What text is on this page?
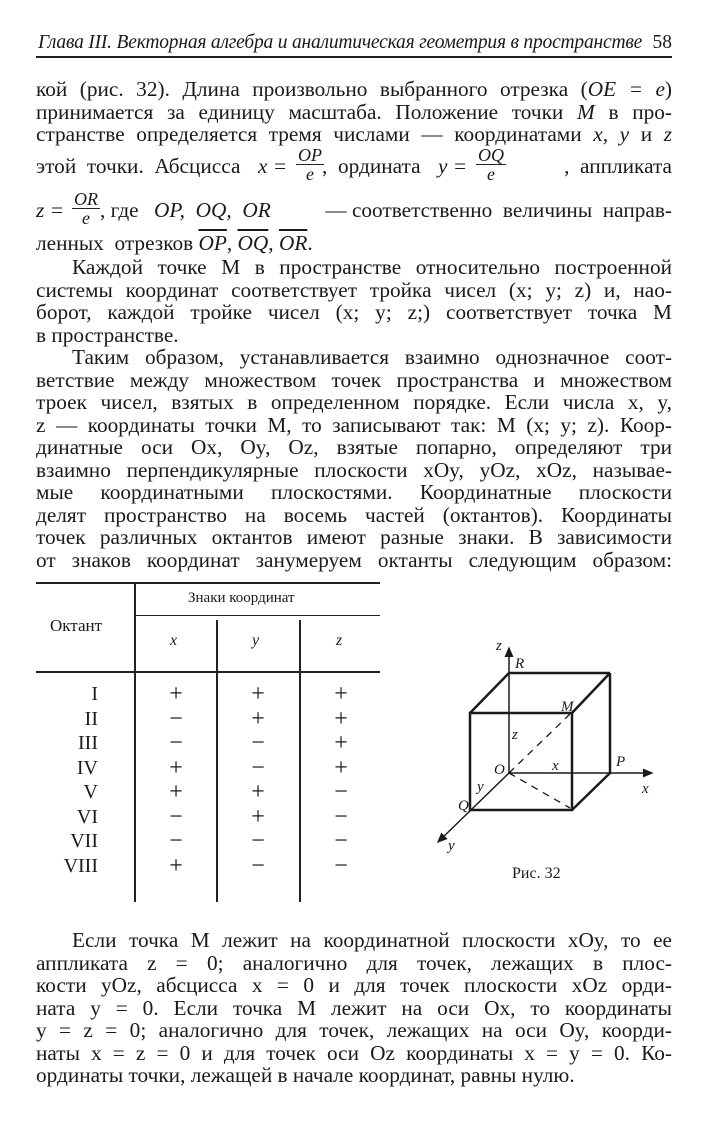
Глава III. Векторная алгебра и аналитическая геометрия в пространстве 58
кой (рис. 32). Длина произвольно выбранного отрезка (OE = e)
принимается за единицу масштаба. Положение точки M в про-
странстве определяется тремя числами — координатами x, y и z
этой  точки.  Абсцисса $x = \frac{OP}{e}$
,  ордината $y = \frac{OQ}{e}$	,  аппликата
$z = \frac{OR}{e}$ , где OP,  OQ,  OR — соответственно  величины  направ-
ленных  отрезков $\overline{OP}$, $\overline{OQ}$, $\overline{OR}$.
Каждой точке M в пространстве относительно построенной
системы координат соответствует тройка чисел (x; y; z) и, нао-
борот, каждой тройке чисел (x; y; z;) соответствует точка M
в пространстве.
Таким образом, устанавливается взаимно однозначное соот-
ветствие между множеством точек пространства и множеством
троек чисел, взятых в определенном порядке. Если числа x, y,
z — координаты точки M, то записывают так: M (x; y; z). Коор-
динатные оси Ox, Oy, Oz, взятые попарно, определяют три
взаимно перпендикулярные плоскости xOy, yOz, xOz, называе-
мые координатными плоскостями. Координатные плоскости
делят пространство на восемь частей (октантов). Координаты
точек различных октантов имеют разные знаки. В зависимости
от знаков координат занумеруем октанты следующим образом:
Октант
Знаки координат
x	y	z
I	+	+	+
II	−	+	+
III	−	−	+
IV	+	−	+
V	+	+	−
VI	−	+	−
VII	−	−	−
VIII	+	−	−
z
R
M
z
O	x	P
x
y
Q
y
Рис. 32
Если точка M лежит на координатной плоскости xOy, то ее
аппликата z = 0; аналогично для точек, лежащих в плос-
кости yOz, абсцисса x = 0 и для точек плоскости xOz орди-
ната y = 0. Если точка M лежит на оси Ox, то координаты
y = z = 0; аналогично для точек, лежащих на оси Oy, коорди-
наты x = z = 0 и для точек оси Oz координаты x = y = 0. Ко-
ординаты точки, лежащей в начале координат, равны нулю.
